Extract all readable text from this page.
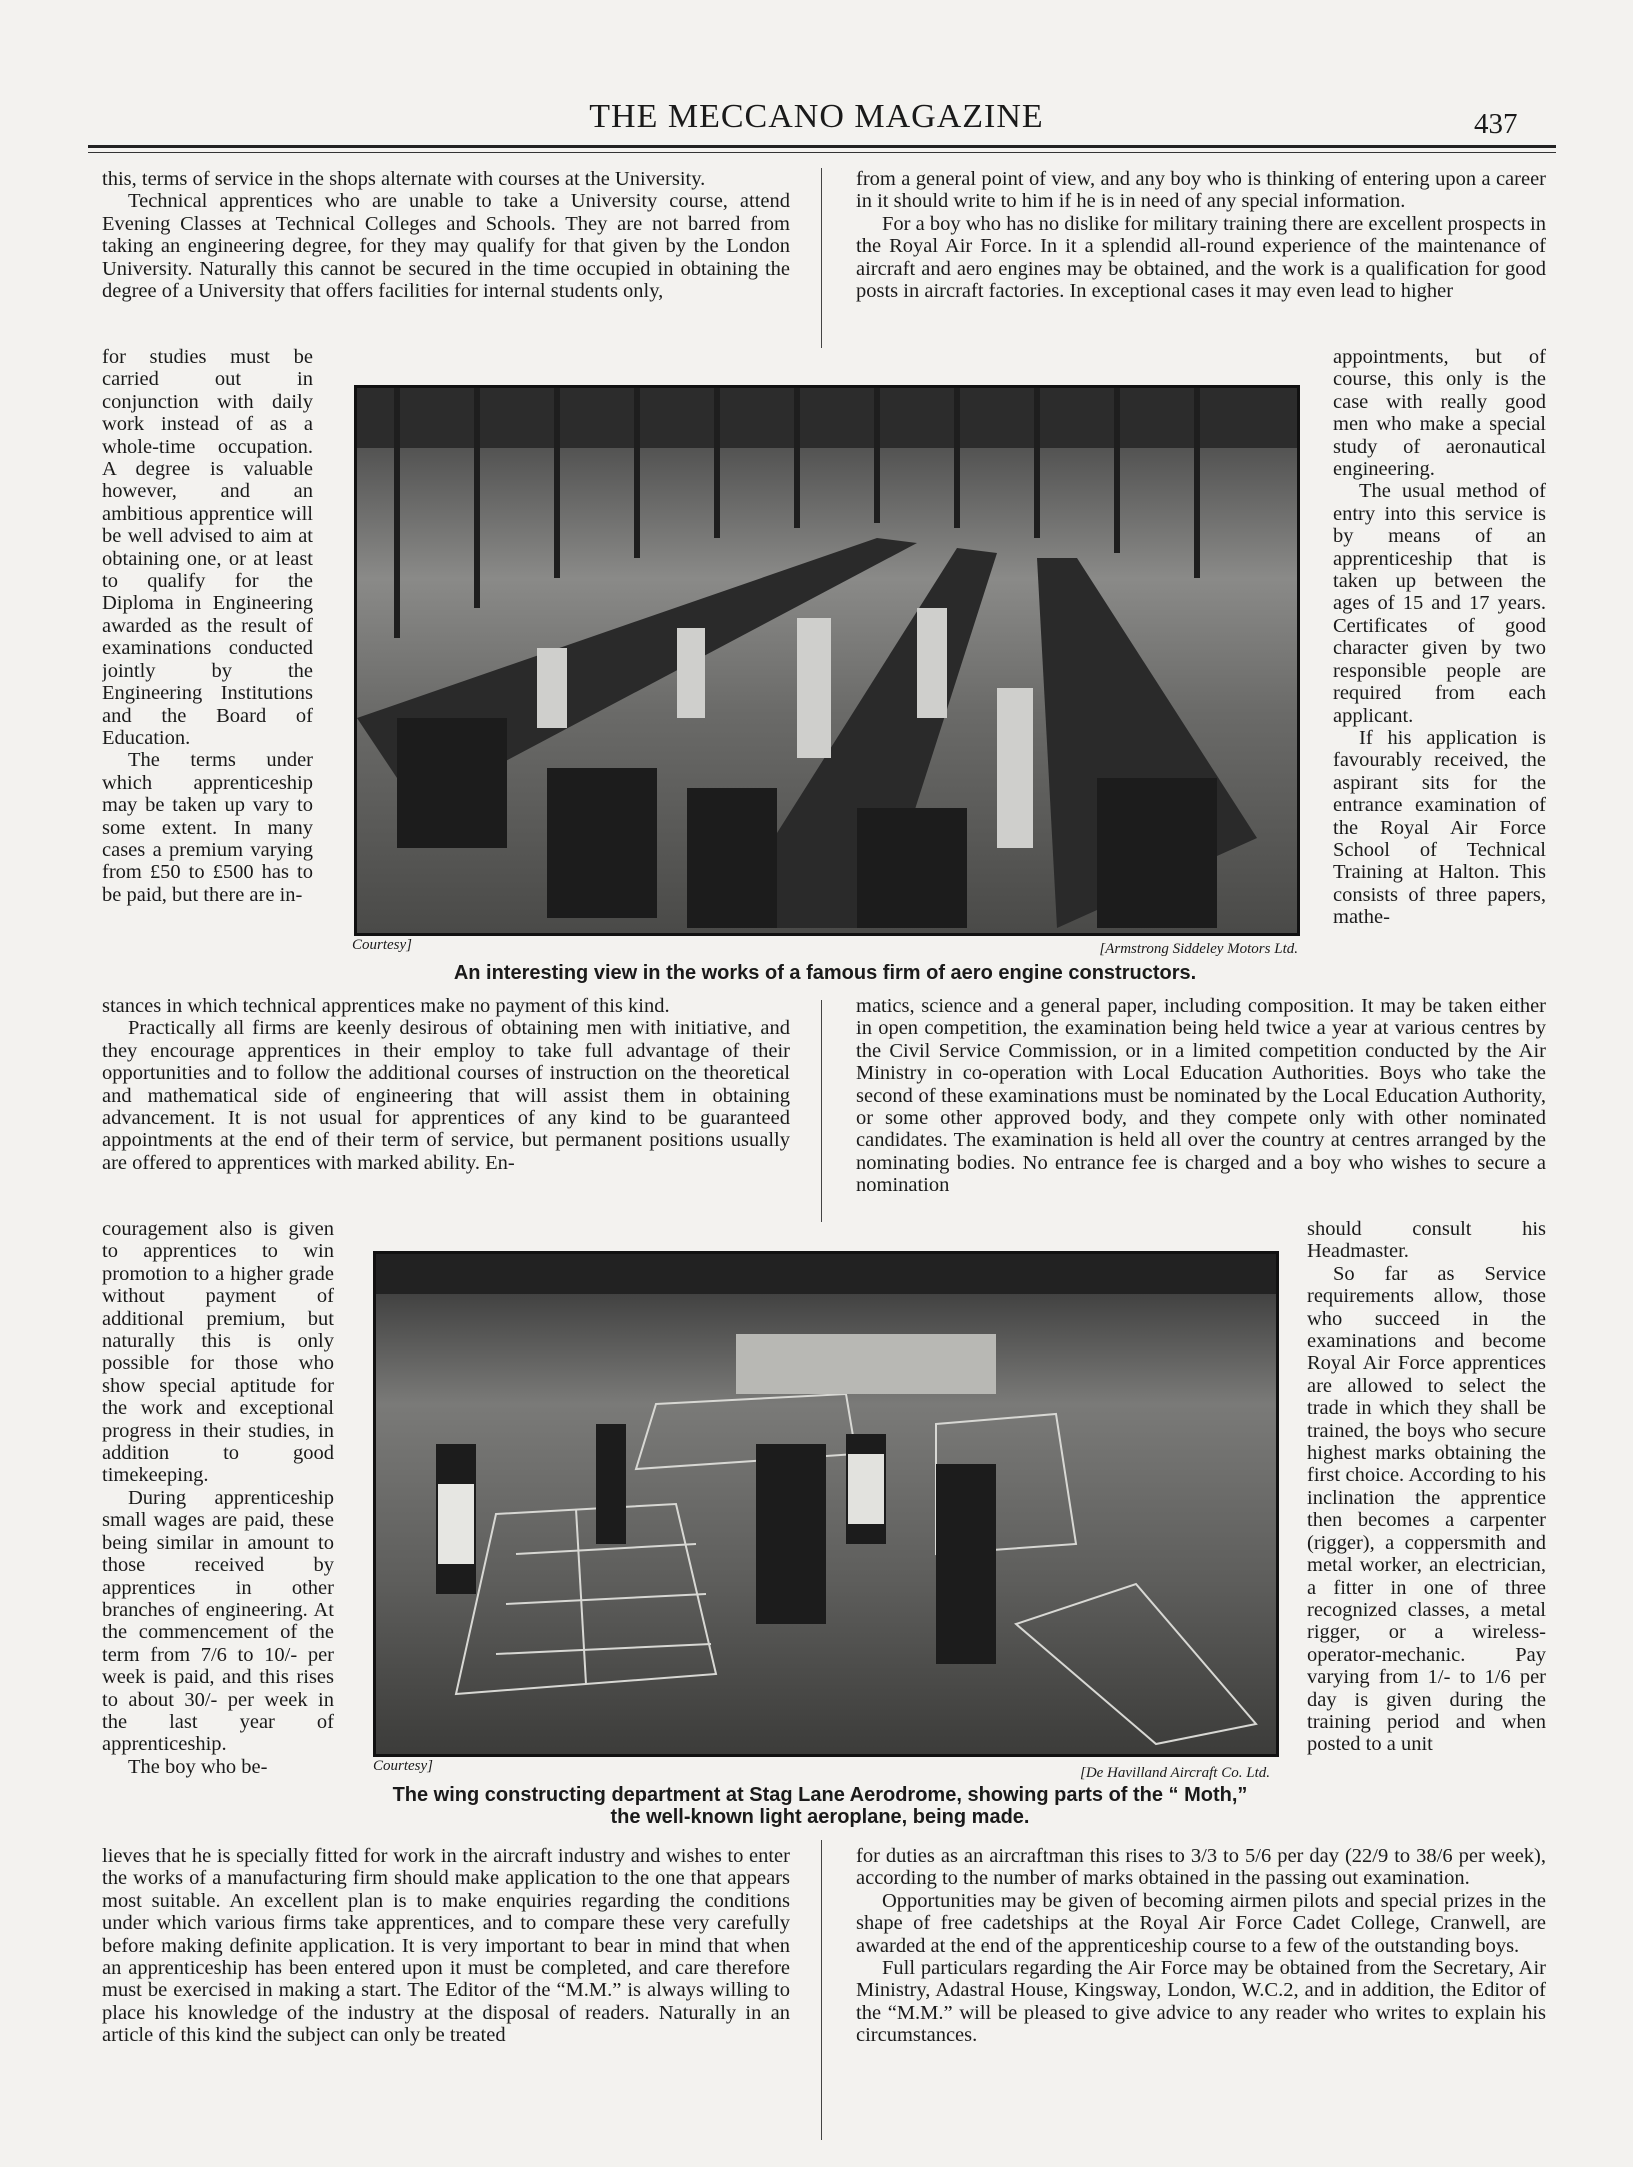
THE MECCANO MAGAZINE	437

this, terms of service in the shops alternate with courses at the University.

Technical apprentices who are unable to take a University course, attend Evening Classes at Technical Colleges and Schools. They are not barred from taking an engineering degree, for they may qualify for that given by the London University. Naturally this cannot be secured in the time occupied in obtaining the degree of a University that offers facilities for internal students only,

for studies must be carried out in conjunction with daily work instead of as a whole-time occupation. A degree is valuable however, and an ambitious apprentice will be well advised to aim at obtaining one, or at least to qualify for the Diploma in Engineering awarded as the result of examinations conducted jointly by the Engineering Institutions and the Board of Education.

The terms under which apprenticeship may be taken up vary to some extent. In many cases a premium varying from £50 to £500 has to be paid, but there are in-

stances in which technical apprentices make no payment of this kind.

Practically all firms are keenly desirous of obtaining men with initiative, and they encourage apprentices in their employ to take full advantage of their opportunities and to follow the additional courses of instruction on the theoretical and mathematical side of engineering that will assist them in obtaining advancement. It is not usual for apprentices of any kind to be guaranteed appointments at the end of their term of service, but permanent positions usually are offered to apprentices with marked ability. En-

couragement also is given to apprentices to win promotion to a higher grade without payment of additional premium, but naturally this is only possible for those who show special aptitude for the work and exceptional progress in their studies, in addition to good timekeeping.

During apprenticeship small wages are paid, these being similar in amount to those received by apprentices in other branches of engineering. At the commencement of the term from 7/6 to 10/- per week is paid, and this rises to about 30/- per week in the last year of apprenticeship.

The boy who be-

lieves that he is specially fitted for work in the aircraft industry and wishes to enter the works of a manufacturing firm should make application to the one that appears most suitable. An excellent plan is to make enquiries regarding the conditions under which various firms take apprentices, and to compare these very carefully before making definite application. It is very important to bear in mind that when an apprenticeship has been entered upon it must be completed, and care therefore must be exercised in making a start. The Editor of the “M.M.” is always willing to place his knowledge of the industry at the disposal of readers. Naturally in an article of this kind the subject can only be treated

from a general point of view, and any boy who is thinking of entering upon a career in it should write to him if he is in need of any special information.

For a boy who has no dislike for military training there are excellent prospects in the Royal Air Force. In it a splendid all-round experience of the maintenance of aircraft and aero engines may be obtained, and the work is a qualification for good posts in aircraft factories. In exceptional cases it may even lead to higher

appointments, but of course, this only is the case with really good men who make a special study of aeronautical engineering.

The usual method of entry into this service is by means of an apprenticeship that is taken up between the ages of 15 and 17 years. Certificates of good character given by two responsible people are required from each applicant.

If his application is favourably received, the aspirant sits for the entrance examination of the Royal Air Force School of Technical Training at Halton. This consists of three papers, mathe-

matics, science and a general paper, including composition. It may be taken either in open competition, the examination being held twice a year at various centres by the Civil Service Commission, or in a limited competition conducted by the Air Ministry in co-operation with Local Education Authorities. Boys who take the second of these examinations must be nominated by the Local Education Authority, or some other approved body, and they compete only with other nominated candidates. The examination is held all over the country at centres arranged by the nominating bodies. No entrance fee is charged and a boy who wishes to secure a nomination

should consult his Headmaster.

So far as Service requirements allow, those who succeed in the examinations and become Royal Air Force apprentices are allowed to select the trade in which they shall be trained, the boys who secure highest marks obtaining the first choice. According to his inclination the apprentice then becomes a carpenter (rigger), a coppersmith and metal worker, an electrician, a fitter in one of three recognized classes, a metal rigger, or a wireless-operator-mechanic. Pay varying from 1/- to 1/6 per day is given during the training period and when posted to a unit

for duties as an aircraftman this rises to 3/3 to 5/6 per day (22/9 to 38/6 per week), according to the number of marks obtained in the passing out examination.

Opportunities may be given of becoming airmen pilots and special prizes in the shape of free cadetships at the Royal Air Force Cadet College, Cranwell, are awarded at the end of the apprenticeship course to a few of the outstanding boys.

Full particulars regarding the Air Force may be obtained from the Secretary, Air Ministry, Adastral House, Kingsway, London, W.C.2, and in addition, the Editor of the “M.M.” will be pleased to give advice to any reader who writes to explain his circumstances.

Courtesy]	[Armstrong Siddeley Motors Ltd.
An interesting view in the works of a famous firm of aero engine constructors.
Courtesy]	[De Havilland Aircraft Co. Ltd.
The wing constructing department at Stag Lane Aerodrome, showing parts of the “ Moth,”
the well-known light aeroplane, being made.
